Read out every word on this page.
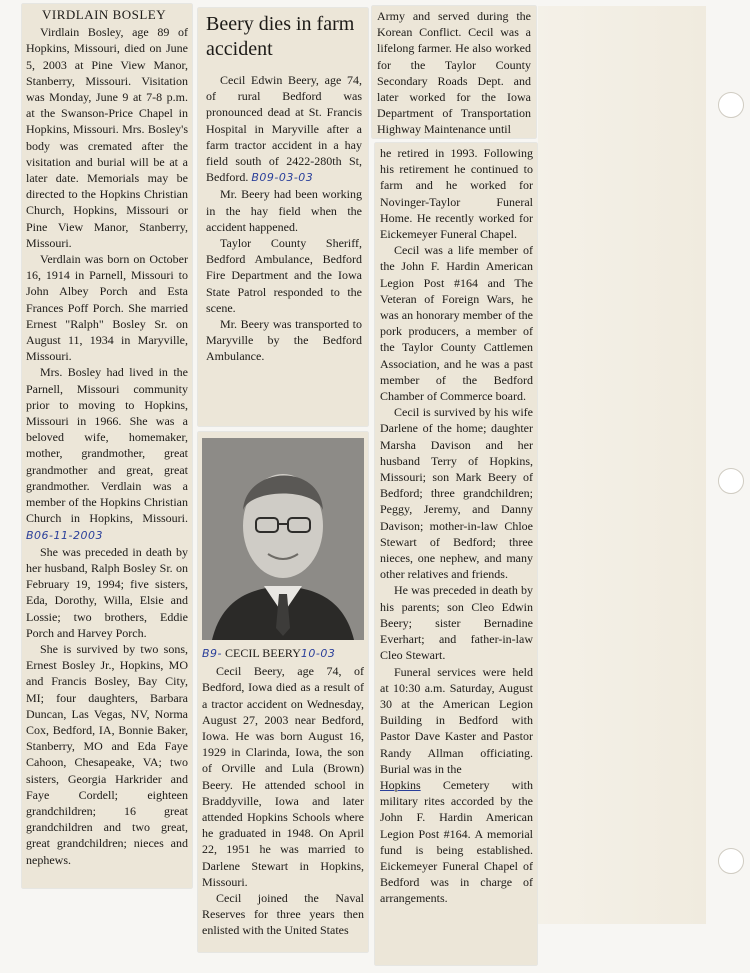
VIRDLAIN BOSLEY

Virdlain Bosley, age 89 of Hopkins, Missouri, died on June 5, 2003 at Pine View Manor, Stanberry, Missouri. Visitation was Monday, June 9 at 7-8 p.m. at the Swanson-Price Chapel in Hopkins, Missouri. Mrs. Bosley's body was cremated after the visitation and burial will be at a later date. Memorials may be directed to the Hopkins Christian Church, Hopkins, Missouri or Pine View Manor, Stanberry, Missouri.

Verdlain was born on October 16, 1914 in Parnell, Missouri to John Albey Porch and Esta Frances Poff Porch. She married Ernest "Ralph" Bosley Sr. on August 11, 1934 in Maryville, Missouri.

Mrs. Bosley had lived in the Parnell, Missouri community prior to moving to Hopkins, Missouri in 1966. She was a beloved wife, homemaker, mother, grandmother, great grandmother and great, great grandmother. Verdlain was a member of the Hopkins Christian Church in Hopkins, Missouri. B06-11-2003

She was preceded in death by her husband, Ralph Bosley Sr. on February 19, 1994; five sisters, Eda, Dorothy, Willa, Elsie and Lossie; two brothers, Eddie Porch and Harvey Porch.

She is survived by two sons, Ernest Bosley Jr., Hopkins, MO and Francis Bosley, Bay City, MI; four daughters, Barbara Duncan, Las Vegas, NV, Norma Cox, Bedford, IA, Bonnie Baker, Stanberry, MO and Eda Faye Cahoon, Chesapeake, VA; two sisters, Georgia Harkrider and Faye Cordell; eighteen grandchildren; 16 great grandchildren and two great, great grandchildren; nieces and nephews.

Beery dies in farm accident

Cecil Edwin Beery, age 74, of rural Bedford was pronounced dead at St. Francis Hospital in Maryville after a farm tractor accident in a hay field south of 2422-280th St, Bedford. B09-03-03

Mr. Beery had been working in the hay field when the accident happened.

Taylor County Sheriff, Bedford Ambulance, Bedford Fire Department and the Iowa State Patrol responded to the scene.

Mr. Beery was transported to Maryville by the Bedford Ambulance.

B9- CECIL BEERY10-03

Cecil Beery, age 74, of Bedford, Iowa died as a result of a tractor accident on Wednesday, August 27, 2003 near Bedford, Iowa. He was born August 16, 1929 in Clarinda, Iowa, the son of Orville and Lula (Brown) Beery. He attended school in Braddyville, Iowa and later attended Hopkins Schools where he graduated in 1948. On April 22, 1951 he was married to Darlene Stewart in Hopkins, Missouri.

Cecil joined the Naval Reserves for three years then enlisted with the United States

Army and served during the Korean Conflict. Cecil was a lifelong farmer. He also worked for the Taylor County Secondary Roads Dept. and later worked for the Iowa Department of Transportation Highway Maintenance until

he retired in 1993. Following his retirement he continued to farm and he worked for Novinger-Taylor Funeral Home. He recently worked for Eickemeyer Funeral Chapel.

Cecil was a life member of the John F. Hardin American Legion Post #164 and The Veteran of Foreign Wars, he was an honorary member of the pork producers, a member of the Taylor County Cattlemen Association, and he was a past member of the Bedford Chamber of Commerce board.

Cecil is survived by his wife Darlene of the home; daughter Marsha Davison and her husband Terry of Hopkins, Missouri; son Mark Beery of Bedford; three grandchildren; Peggy, Jeremy, and Danny Davison; mother-in-law Chloe Stewart of Bedford; three nieces, one nephew, and many other relatives and friends.

He was preceded in death by his parents; son Cleo Edwin Beery; sister Bernadine Everhart; and father-in-law Cleo Stewart.

Funeral services were held at 10:30 a.m. Saturday, August 30 at the American Legion Building in Bedford with Pastor Dave Kaster and Pastor Randy Allman officiating. Burial was in the

Hopkins Cemetery with military rites accorded by the John F. Hardin American Legion Post #164. A memorial fund is being established. Eickemeyer Funeral Chapel of Bedford was in charge of arrangements.
